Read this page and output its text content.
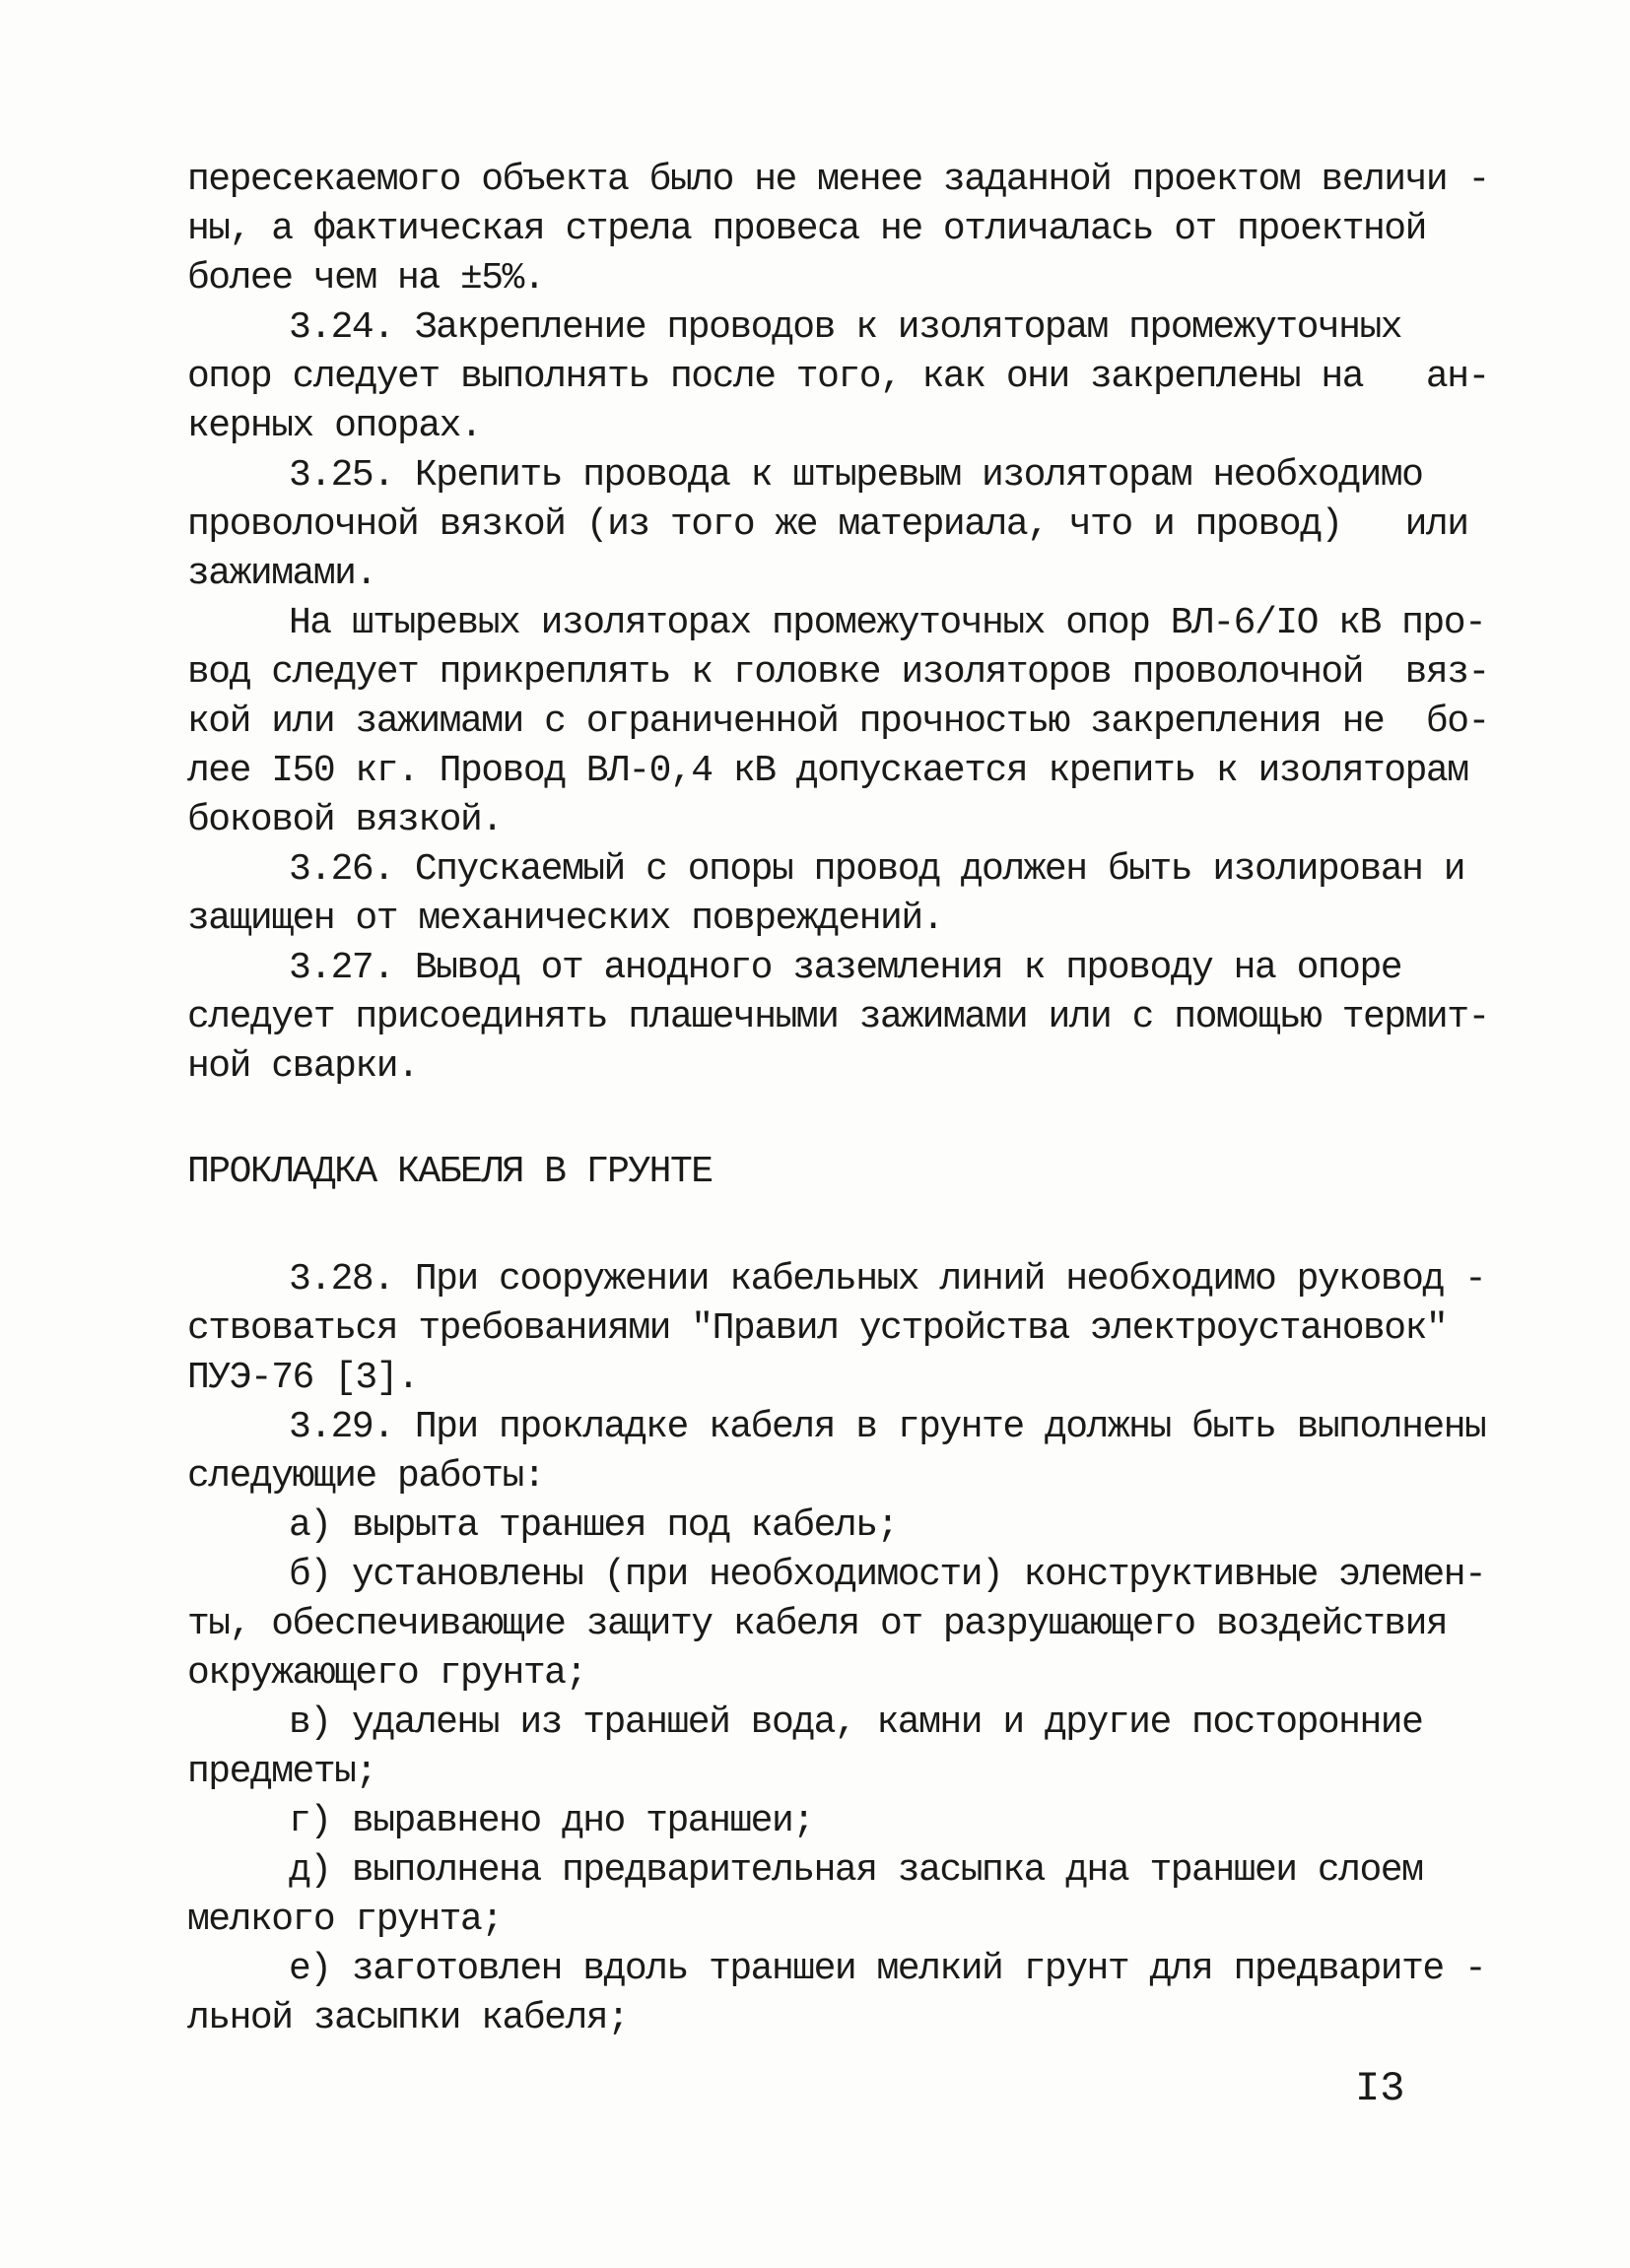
пересекаемого объекта было не менее заданной проектом величи -
ны, а фактическая стрела провеса не отличалась от проектной
более чем на ±5%.
3.24. Закрепление проводов к изоляторам промежуточных
опор следует выполнять после того, как они закреплены на   ан-
керных опорах.
3.25. Крепить провода к штыревым изоляторам необходимо
проволочной вязкой (из того же материала, что и провод)   или
зажимами.
На штыревых изоляторах промежуточных опор ВЛ-6/IO кВ про-
вод следует прикреплять к головке изоляторов проволочной  вяз-
кой или зажимами с ограниченной прочностью закрепления не  бо-
лее I50 кг. Провод ВЛ-0,4 кВ допускается крепить к изоляторам
боковой вязкой.
3.26. Спускаемый с опоры провод должен быть изолирован и
защищен от механических повреждений.
3.27. Вывод от анодного заземления к проводу на опоре
следует присоединять плашечными зажимами или с помощью термит-
ной сварки.
ПРОКЛАДКА КАБЕЛЯ В ГРУНТЕ
3.28. При сооружении кабельных линий необходимо руковод -
ствоваться требованиями "Правил устройства электроустановок"
ПУЭ-76 [3].
3.29. При прокладке кабеля в грунте должны быть выполнены
следующие работы:
а) вырыта траншея под кабель;
б) установлены (при необходимости) конструктивные элемен-
ты, обеспечивающие защиту кабеля от разрушающего воздействия
окружающего грунта;
в) удалены из траншей вода, камни и другие посторонние
предметы;
г) выравнено дно траншеи;
д) выполнена предварительная засыпка дна траншеи слоем
мелкого грунта;
е) заготовлен вдоль траншеи мелкий грунт для предварите -
льной засыпки кабеля;
I3
